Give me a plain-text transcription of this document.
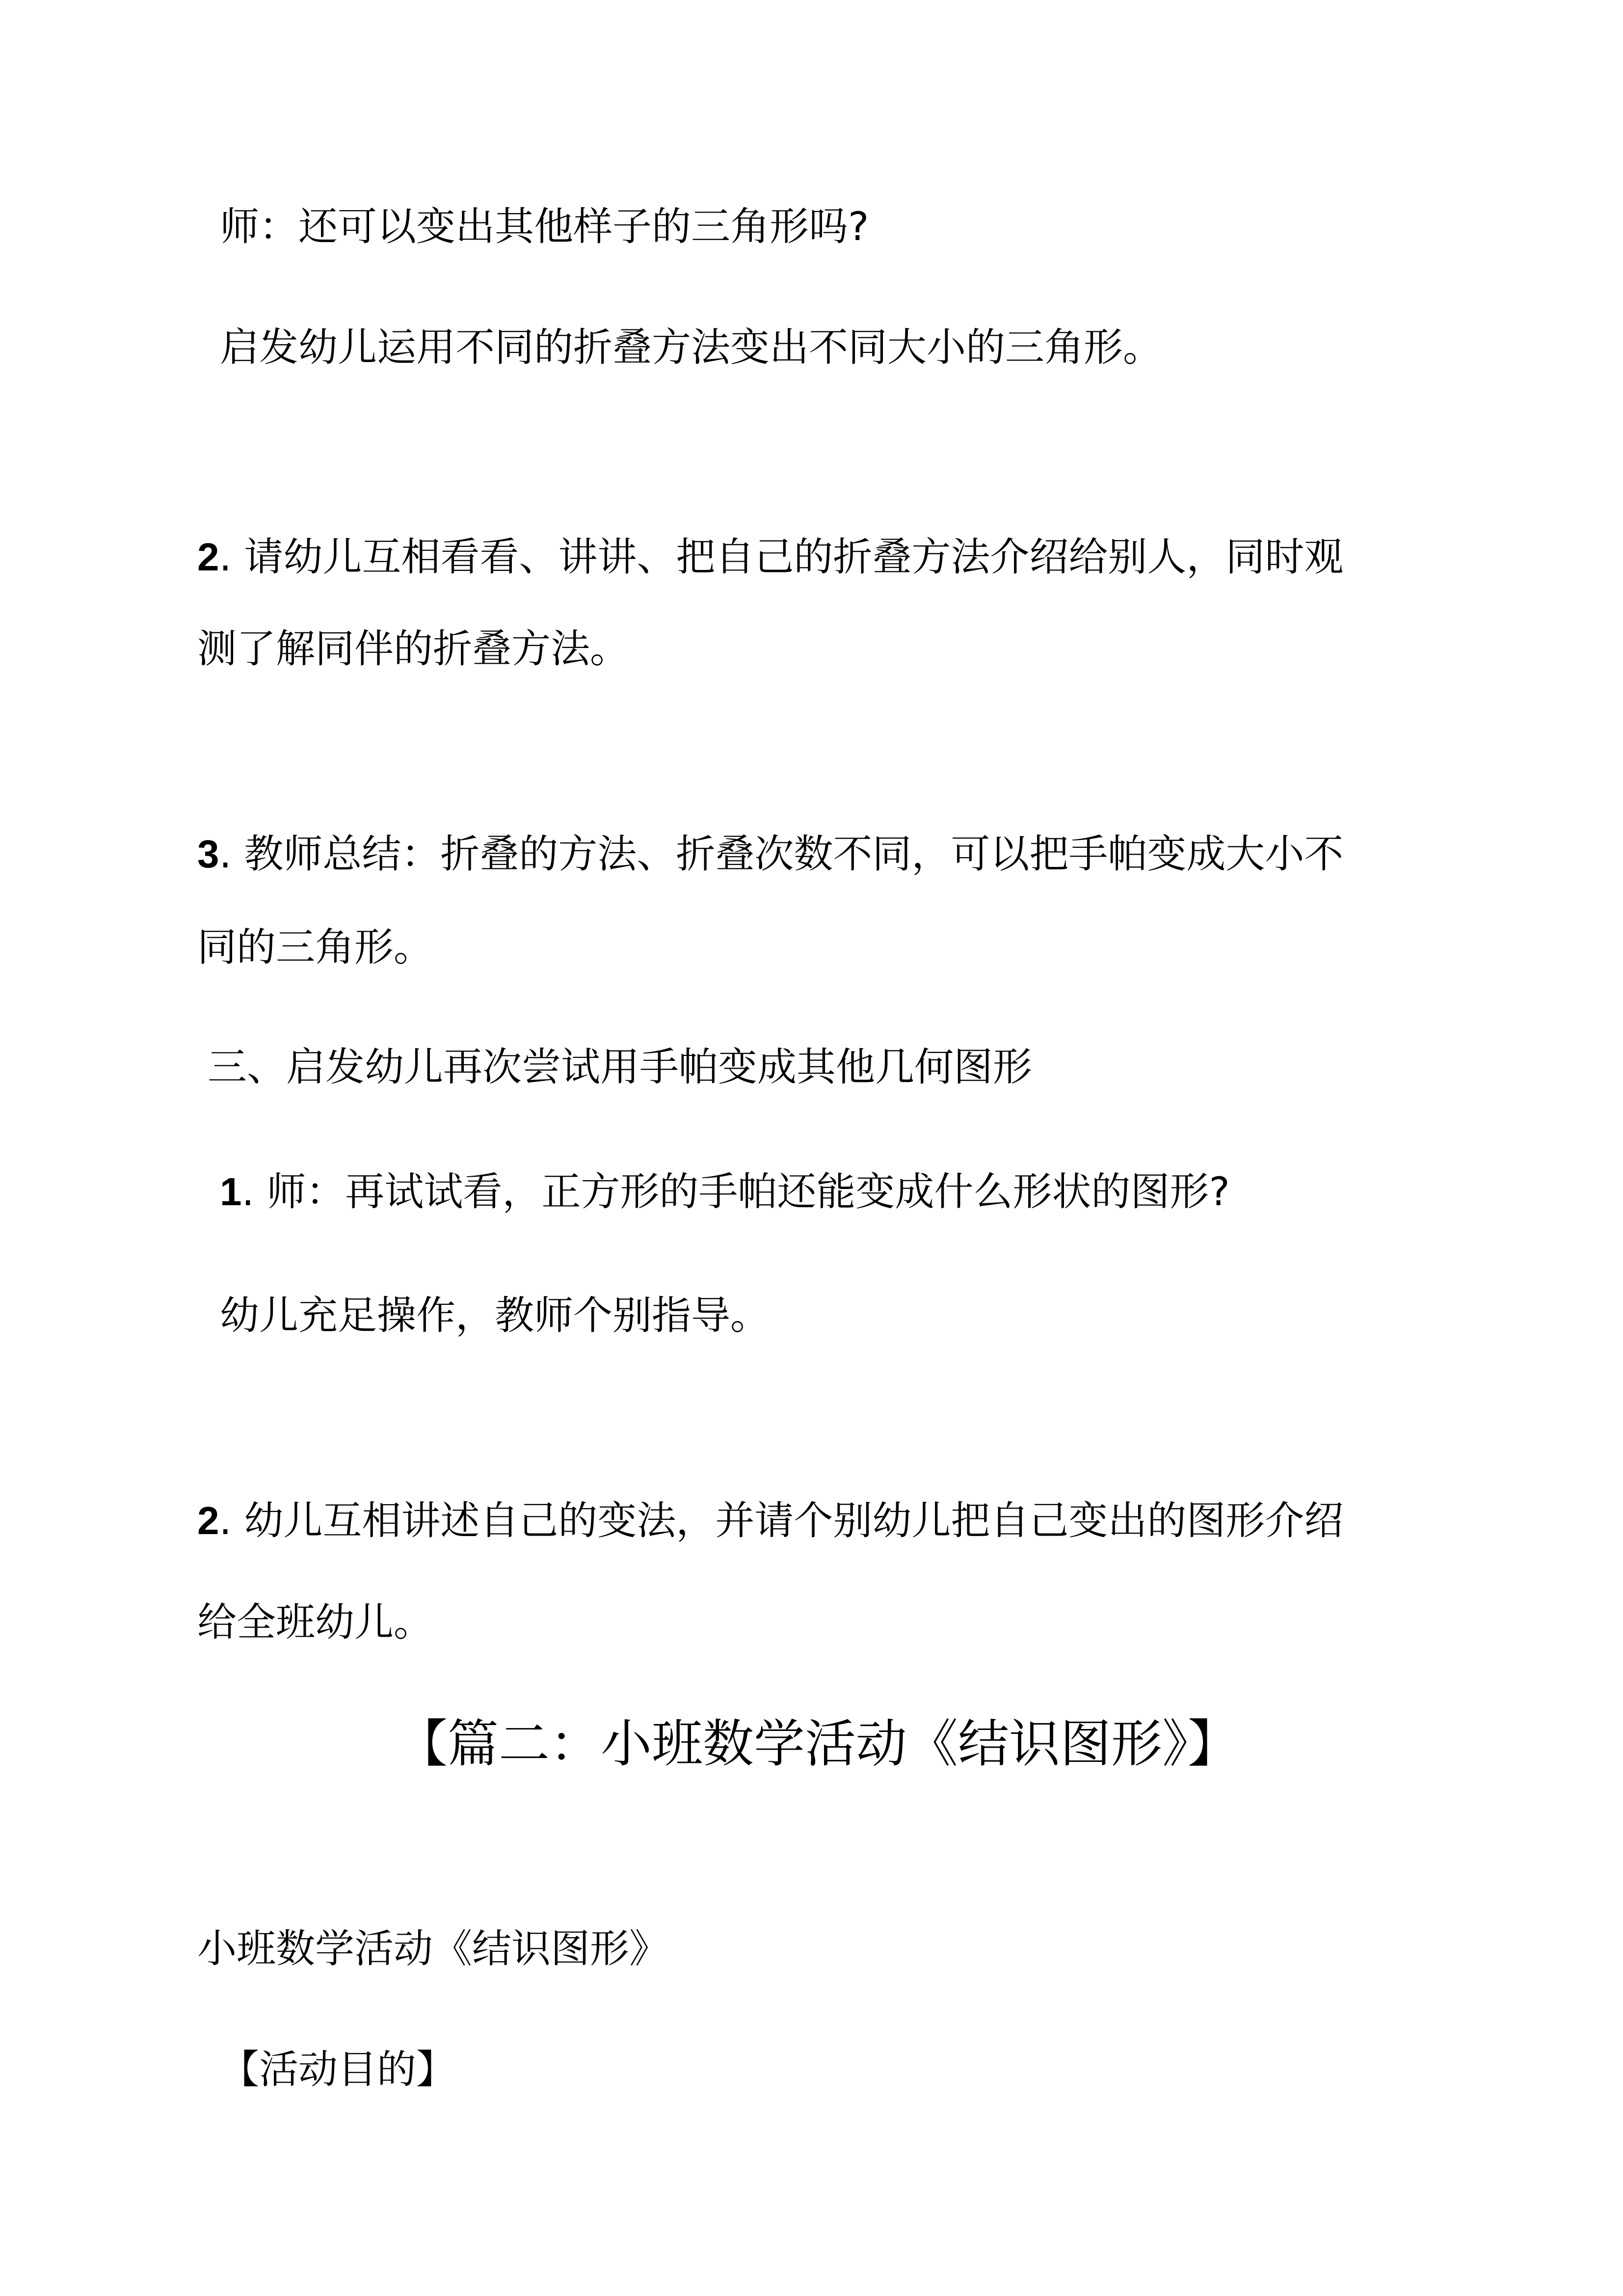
师：还可以变出其他样子的三角形吗?
启发幼儿运用不同的折叠方法变出不同大小的三角形。
2. 请幼儿互相看看、讲讲、把自己的折叠方法介绍给别人，同时观
测了解同伴的折叠方法。
3. 教师总结：折叠的方法、折叠次数不同，可以把手帕变成大小不
同的三角形。
三、启发幼儿再次尝试用手帕变成其他几何图形
1. 师：再试试看，正方形的手帕还能变成什么形状的图形?
幼儿充足操作，教师个别指导。
2. 幼儿互相讲述自己的变法，并请个别幼儿把自己变出的图形介绍
给全班幼儿。
【篇二：小班数学活动《结识图形》】
小班数学活动《结识图形》
【活动目的】
